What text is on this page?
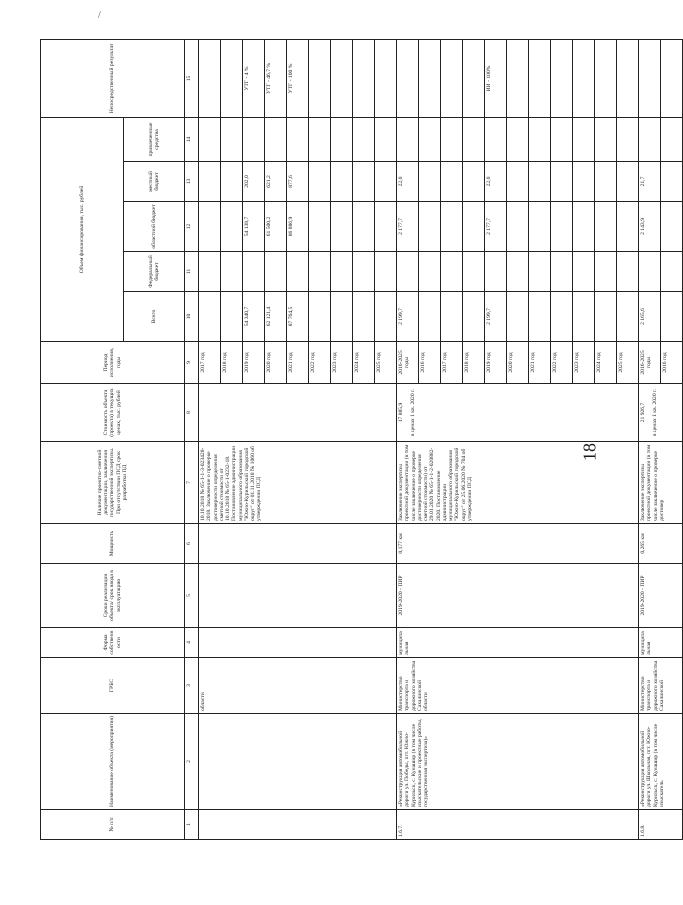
/
18
№ п/п	Наименование объекта (мероприятия)	ГРБС	Форма собственности	Сроки реализации объекта/ срок ввода в эксплуатацию	Мощность	Наличие проектно-сметной документации, заключения государственной экспертизы. При отсутствии ПСД срок разработки ПД	Стоимость объекта (проекта) в текущих ценах, тыс. рублей	Период исполнения, годы	Объем финансирования, тыс. рублей					Непосредственный результат
									Всего	Федеральный бюджет	областной бюджет	местный бюджет	привлеченные средства	
1	2	3	4	5	6	7	8	9	10	11	12	13	14	15
		области				10.10.2018 № 65-1-1-3-023428-2018. Заключение о проверке достоверности определения сметной стоимости от 10.10.2018 № 65-1-0232-18. Постановление администрации муниципального образования "Южно-Курильский городской округ" от 01.11.2018 № 1060 об утверждении ПСД		2017 год						
								2018 год						
								2019 год	54 340,7		54 138,7	202,0		УТГ - 4 %
								2020 год	62 121,4		61 500,2	621,2		УТГ - 46,7 %
								2021 год	87 764,5		86 886,9	877,6		УТГ - 100 %
								2022 год						
								2023 год						
								2024 год						
								2025 год						
1.6.7.	«Реконструкция автомобильной дороги ул. Победы, пгт. Южно-Курильск, с. Кунашир (в том числе изыскательские и проектные работы, государственная экспертиза)»	Министерство транспорта и дорожного хозяйства Сахалинской области	муниципальная	2019-2020 - ПИР	0,177 км	Заключение экспертизы проектной документации (в том числе заключение о проверке достоверности определения сметной стоимости) от 29.01.2020 № 65-1-1-2-020882-2020. Постановление администрации муниципального образования "Южно-Курильский городской округ" от 25.06.2020 № 704 об утверждении ПСД	17 885,9 в ценах 1 кв. 2020 г.	2016-2025 годы	2 199,7		2 177,7	22,0		
								2016 год						
								2017 год						
								2018 год						
								2019 год	2 199,7		2 177,7	22,0		ИИ - 100%
								2020 год						
								2021 год						
								2022 год						
								2023 год						
								2024 год						
								2025 год						
1.6.8.	«Реконструкция автомобильной дороги ул. Школьная, пгт. Южно-Курильск, с. Кунашир (в том числе изыскатель	Министерство транспорта и дорожного хозяйства Сахалинской	муниципальная	2019-2020 - ПИР	0,265 км	Заключение экспертизы проектной документации (в том числе заключение о проверке достовер	21 926,7 в ценах 1 кв. 2020 г.	2016-2025 годы	2 165,6		2 143,9	21,7		
								2016 год						
